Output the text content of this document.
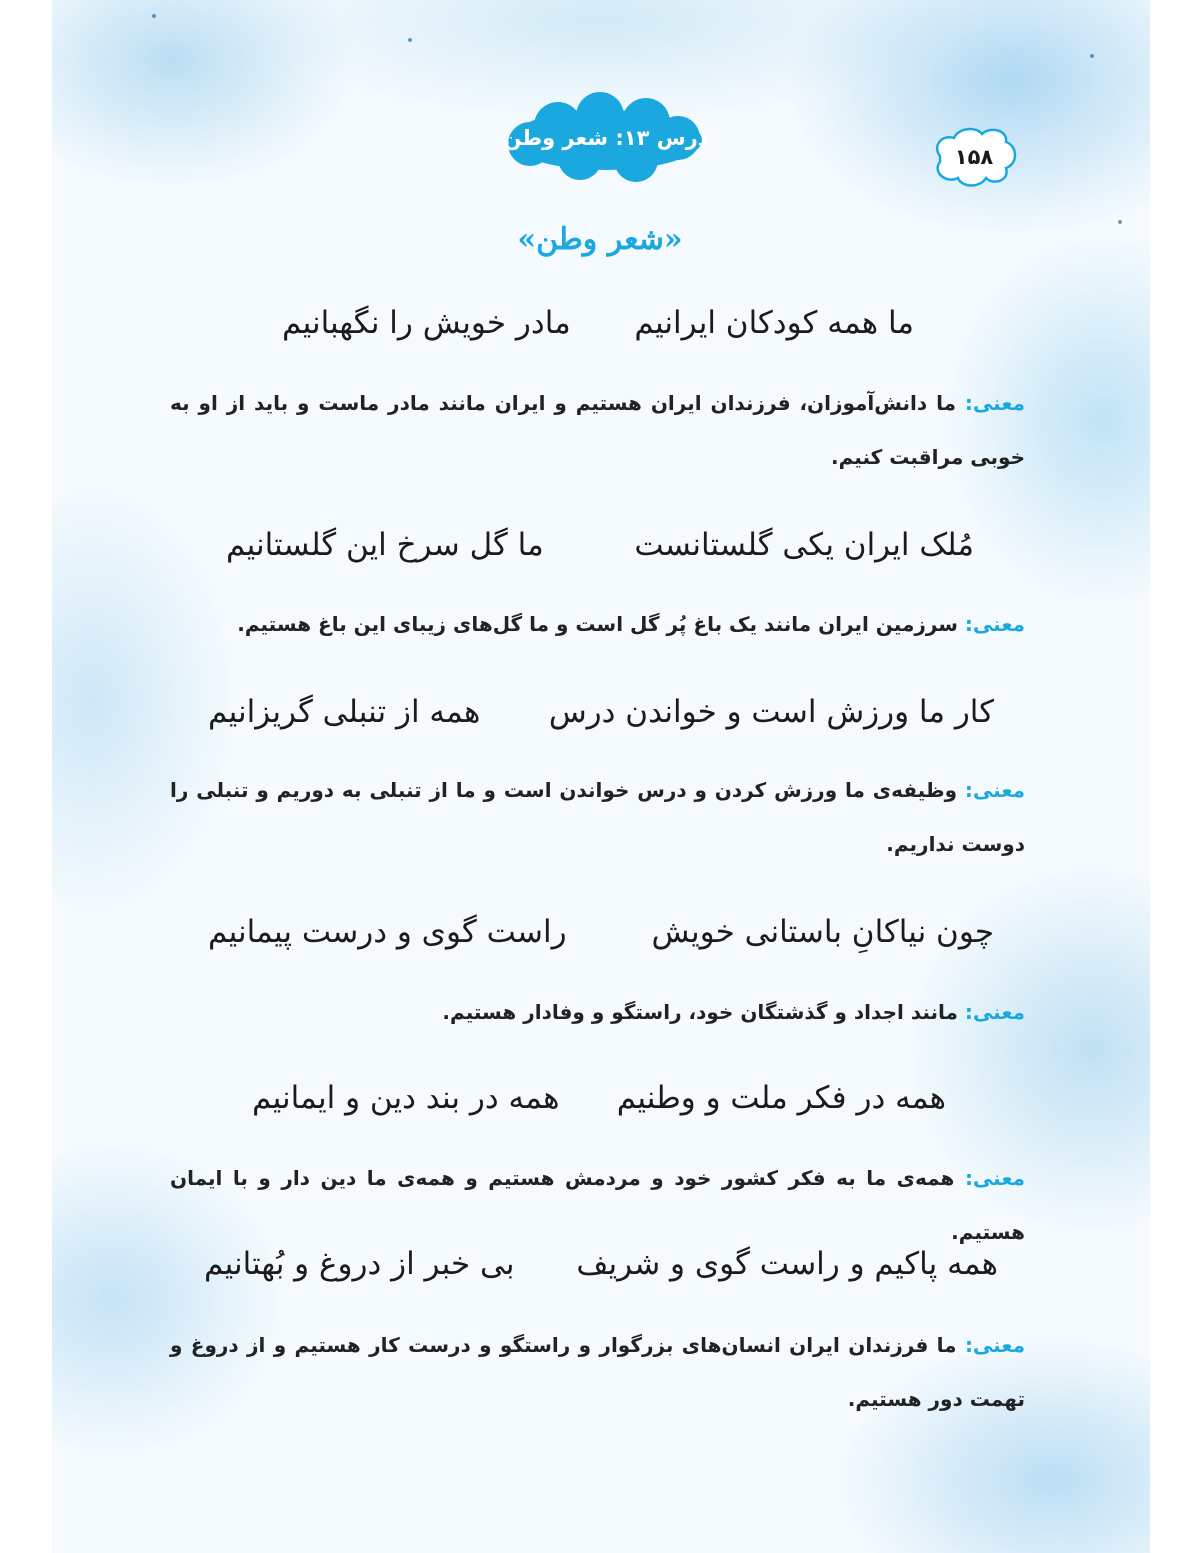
درس ۱۳: شعر وطن
۱۵۸
«شعر وطن»
ما همه کودکان ایرانیم
مادر خویش را نگهبانیم
معنی: ما دانش‌آموزان، فرزندان ایران هستیم و ایران مانند مادر ماست و باید از او به خوبی مراقبت کنیم.
مُلک ایران یکی گلستانست
ما گل سرخ این گلستانیم
معنی: سرزمین ایران مانند یک باغ پُر گل است و ما گل‌های زیبای این باغ هستیم.
کار ما ورزش است و خواندن درس
همه از تنبلی گریزانیم
معنی: وظیفه‌ی ما ورزش کردن و درس خواندن است و ما از تنبلی به دوریم و تنبلی را دوست نداریم.
چون نیاکانِ باستانی خویش
راست گوی و درست پیمانیم
معنی: مانند اجداد و گذشتگان خود، راستگو و وفادار هستیم.
همه در فکر ملت و وطنیم
همه در بند دین و ایمانیم
معنی: همه‌ی ما به فکر کشور خود و مردمش هستیم و همه‌ی ما دین دار و با ایمان هستیم.
همه پاکیم و راست گوی و شریف
بی خبر از دروغ و بُهتانیم
معنی: ما فرزندان ایران انسان‌های بزرگوار و راستگو و درست کار هستیم و از دروغ و تهمت دور هستیم.
